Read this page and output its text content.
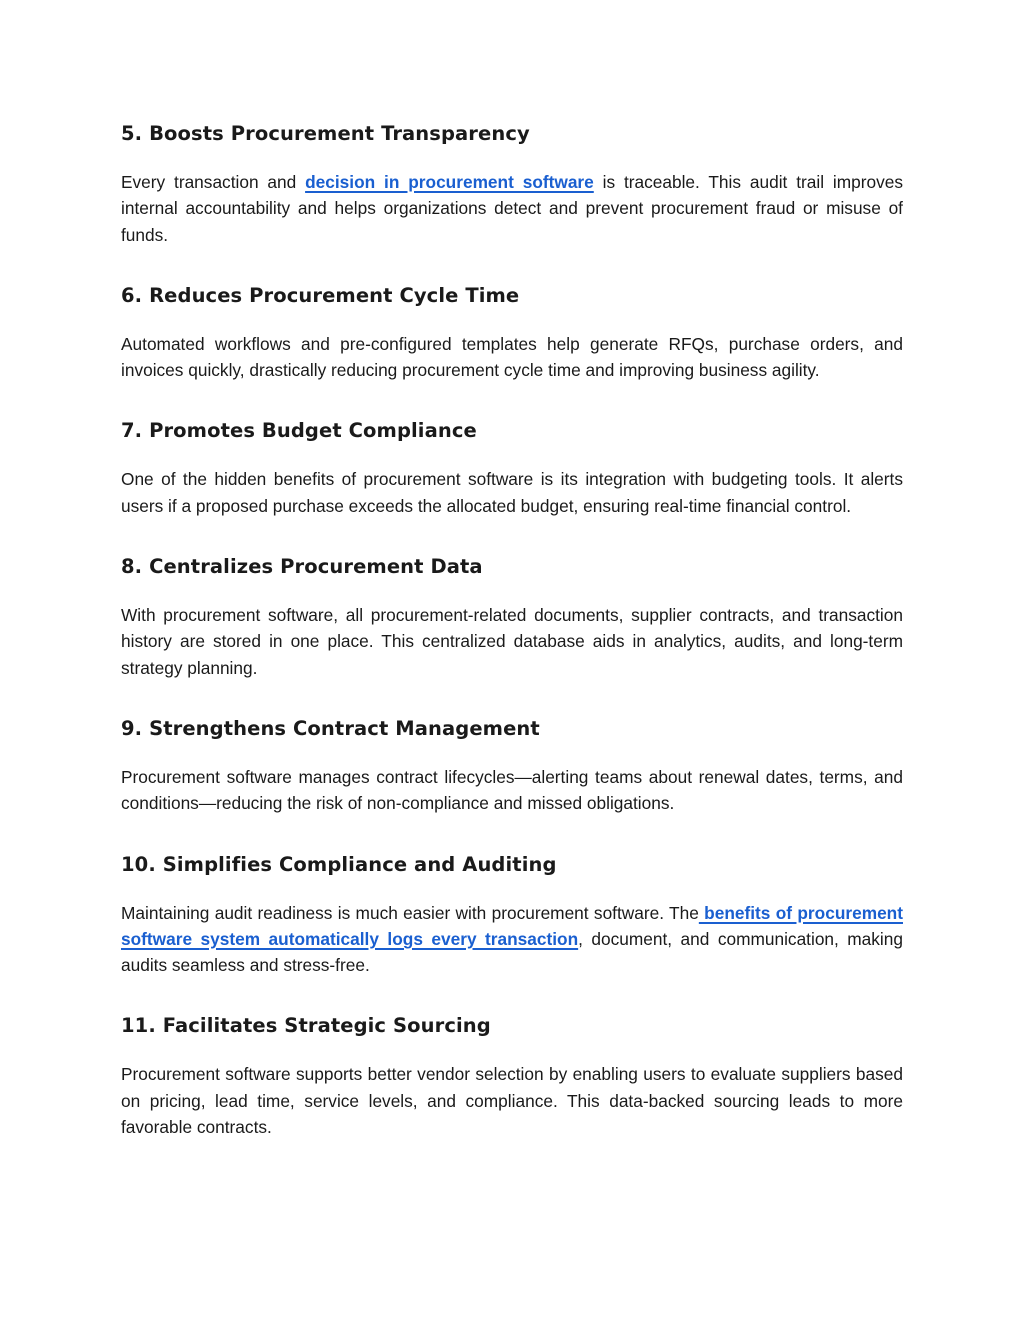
5. Boosts Procurement Transparency

Every transaction and decision in procurement software is traceable. This audit trail improves internal accountability and helps organizations detect and prevent procurement fraud or misuse of funds.

6. Reduces Procurement Cycle Time

Automated workflows and pre-configured templates help generate RFQs, purchase orders, and invoices quickly, drastically reducing procurement cycle time and improving business agility.

7. Promotes Budget Compliance

One of the hidden benefits of procurement software is its integration with budgeting tools. It alerts users if a proposed purchase exceeds the allocated budget, ensuring real-time financial control.

8. Centralizes Procurement Data

With procurement software, all procurement-related documents, supplier contracts, and transaction history are stored in one place. This centralized database aids in analytics, audits, and long-term strategy planning.

9. Strengthens Contract Management

Procurement software manages contract lifecycles—alerting teams about renewal dates, terms, and conditions—reducing the risk of non-compliance and missed obligations.

10. Simplifies Compliance and Auditing

Maintaining audit readiness is much easier with procurement software. The benefits of procurement software system automatically logs every transaction, document, and communication, making audits seamless and stress-free.

11. Facilitates Strategic Sourcing

Procurement software supports better vendor selection by enabling users to evaluate suppliers based on pricing, lead time, service levels, and compliance. This data-backed sourcing leads to more favorable contracts.
